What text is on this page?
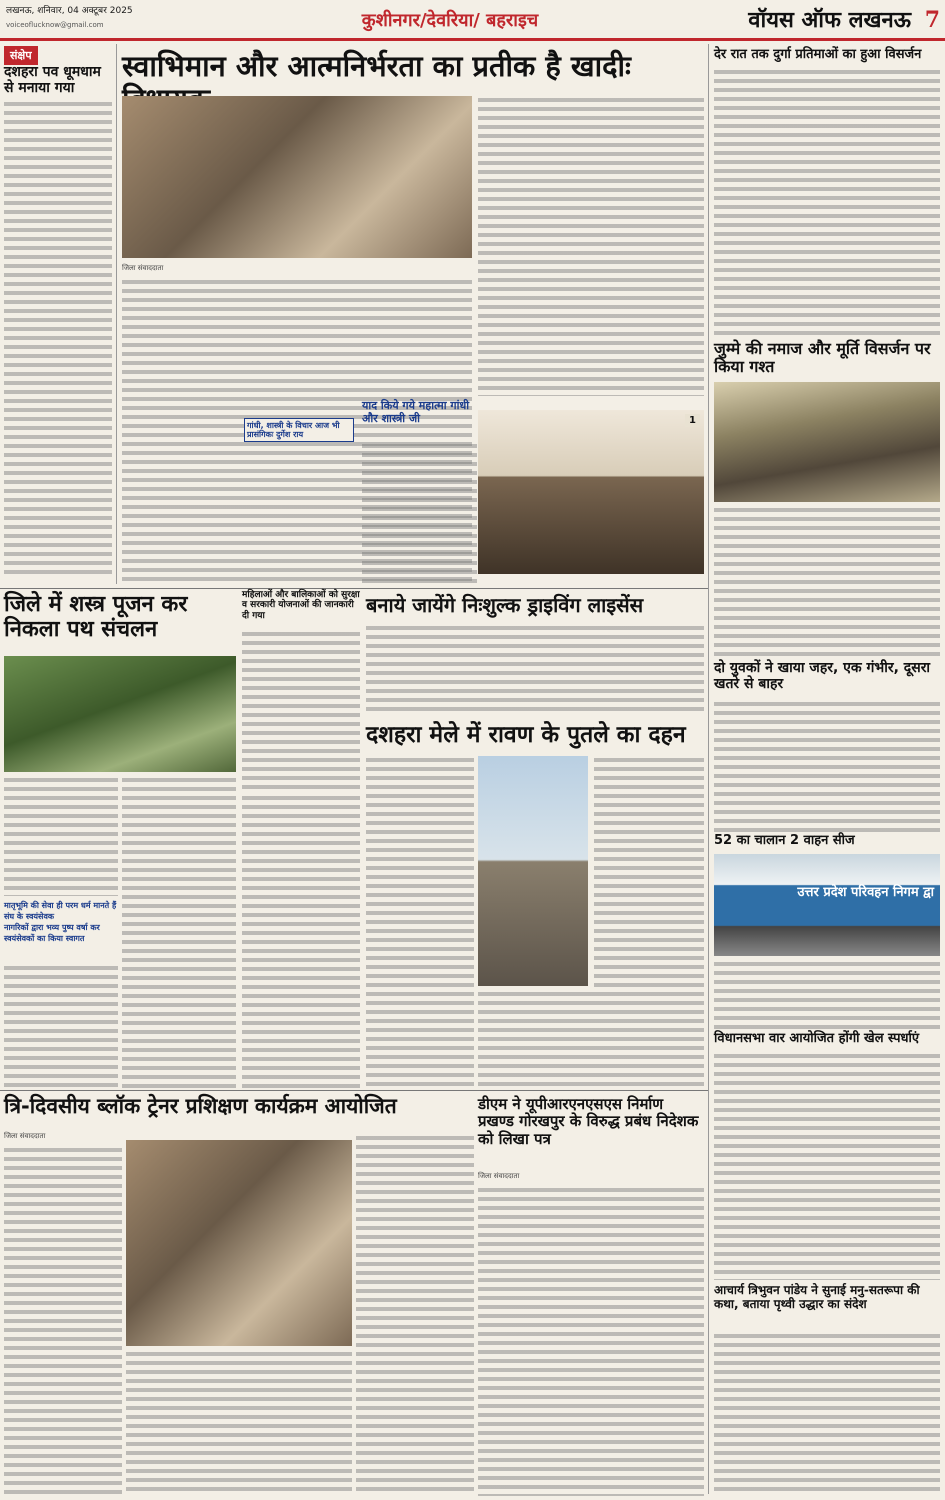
लखनऊ, शनिवार, 04 अक्टूबर 2025
voiceoflucknow@gmail.com	कुशीनगर/देवरिया/ बहराइच	वॉयस ऑफ लखनऊ 7
संक्षेप
दशहरा पव धूमधाम से मनाया गया
स्वाभिमान और आत्मनिर्भरता का प्रतीक है खादीः
जिला संवाददाता
गांधी, शास्त्री के विचार आज भी प्रासंगिकः दुर्गेश राय
याद किये गये महात्मा गांधी और शास्त्री जी	1
महिलाओं और बालिकाओं को सुरक्षा व सरकारी योजनाओं की जानकारी दी गया
जिले में शस्त्र पूजन कर निकला पथ संचलन
मातृभूमि की सेवा ही परम धर्म मानते हैं संघ के स्वयंसेवक
नागरिकों द्वारा भव्य पुष्प वर्षा कर स्वयंसेवकों का किया स्वागत
बनाये जायेंगे निःशुल्क ड्राइविंग लाइसेंस
दशहरा मेले में रावण के पुतले का दहन
त्रि-दिवसीय ब्लॉक ट्रेनर प्रशिक्षण कार्यक्रम आयोजित
जिला संवाददाता
डीएम ने यूपीआरएनएसएस निर्माण प्रखण्ड गोरखपुर के विरुद्ध प्रबंध निदेशक को लिखा पत्र
जिला संवाददाता
देर रात तक दुर्गा प्रतिमाओं का हुआ विसर्जन
जुम्मे की नमाज और मूर्ति विसर्जन पर किया गश्त
दो युवकों ने खाया जहर, एक गंभीर, दूसरा खतरे से बाहर
52 का चालान 2 वाहन सीज
उत्तर प्रदेश परिवहन निगम द्वा
विधानसभा वार आयोजित होंगी खेल स्पर्धाएं
आचार्य त्रिभुवन पांडेय ने सुनाई मनु-सतरूपा की कथा, बताया पृथ्वी उद्धार का संदेश
